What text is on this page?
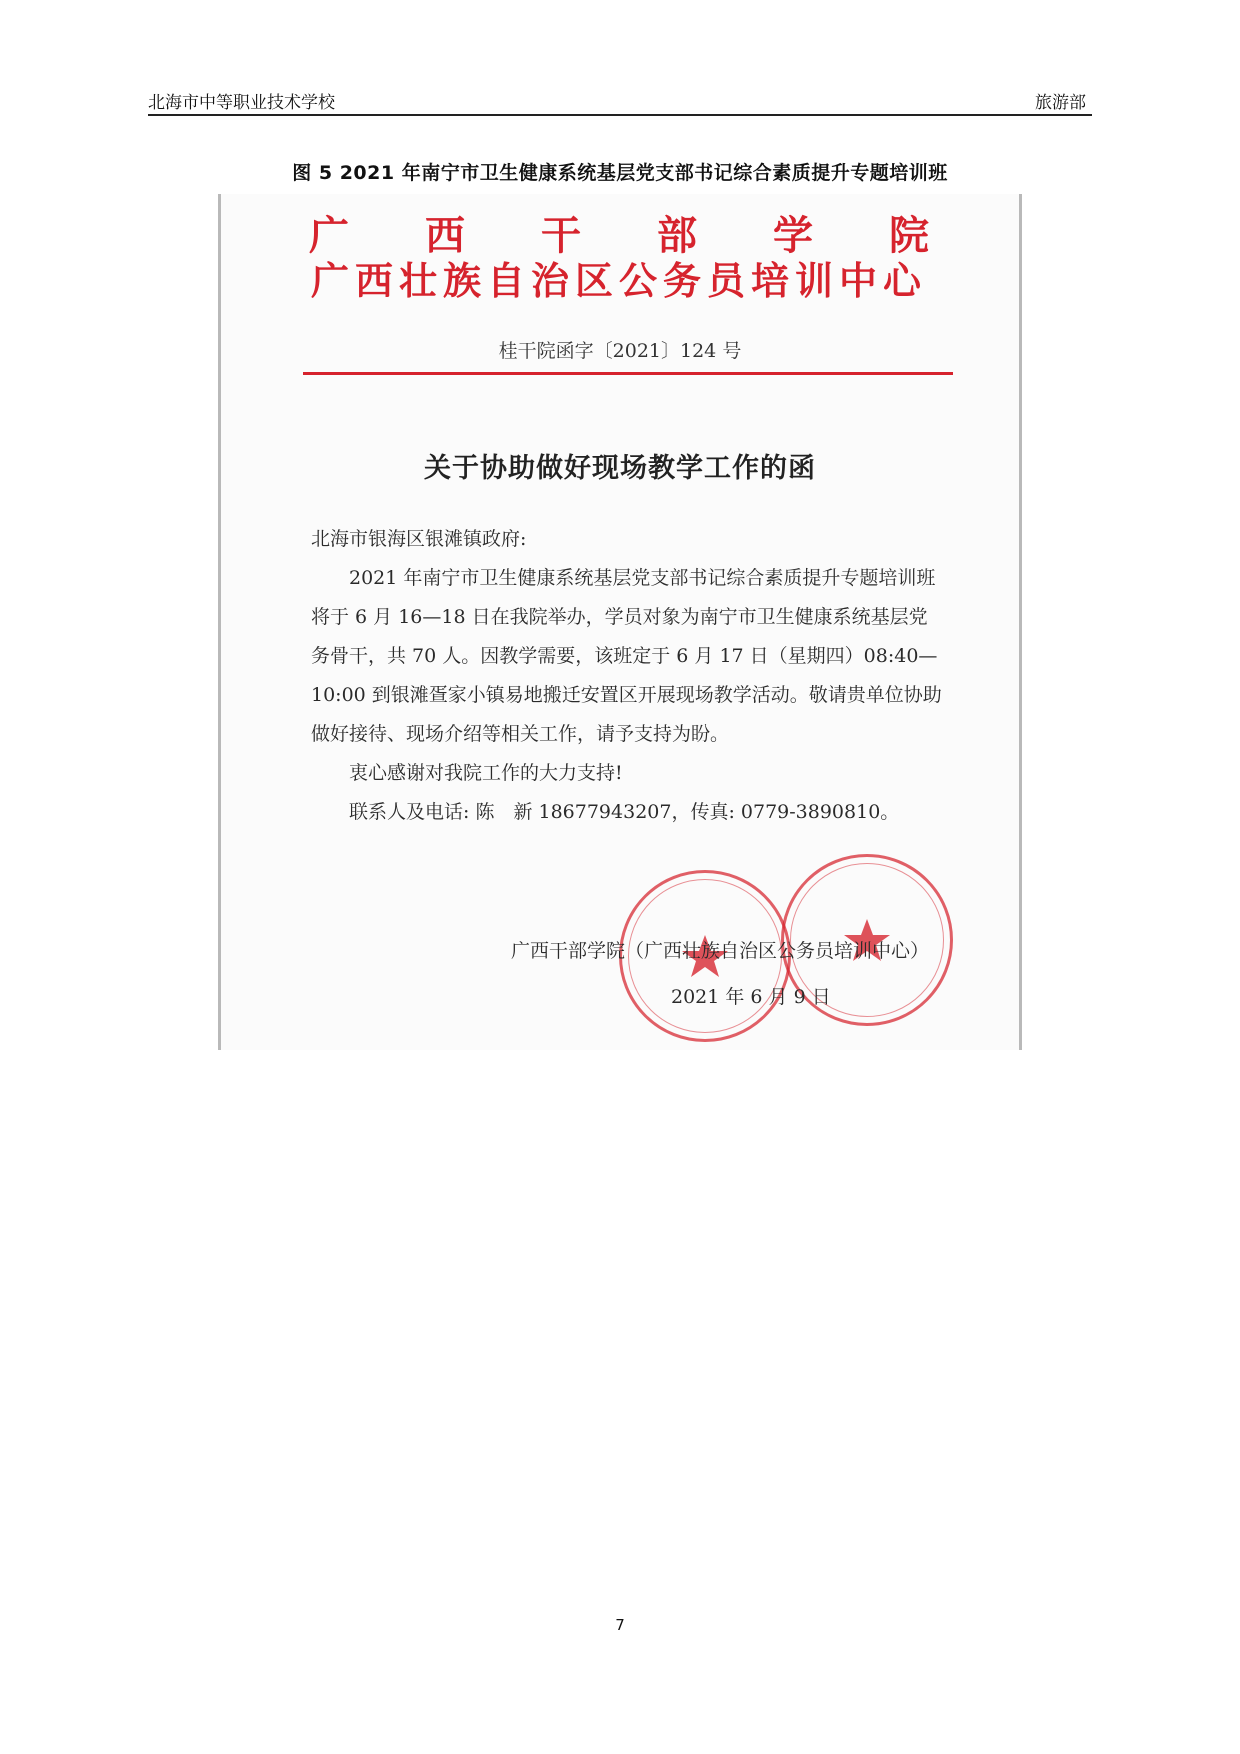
北海市中等职业技术学校	旅游部
图 5 2021 年南宁市卫生健康系统基层党支部书记综合素质提升专题培训班
广 西 干 部 学 院
广西壮族自治区公务员培训中心
桂干院函字〔2021〕124 号
关于协助做好现场教学工作的函

北海市银海区银滩镇政府:

2021 年南宁市卫生健康系统基层党支部书记综合素质提升专题培训班将于 6 月 16—18 日在我院举办，学员对象为南宁市卫生健康系统基层党务骨干，共 70 人。因教学需要，该班定于 6 月 17 日（星期四）08:40—10:00 到银滩疍家小镇易地搬迁安置区开展现场教学活动。敬请贵单位协助做好接待、现场介绍等相关工作，请予支持为盼。

衷心感谢对我院工作的大力支持!

联系人及电话: 陈　新 18677943207，传真: 0779-3890810。

广西干部学院（广西壮族自治区公务员培训中心）
2021 年 6 月 9 日
7
